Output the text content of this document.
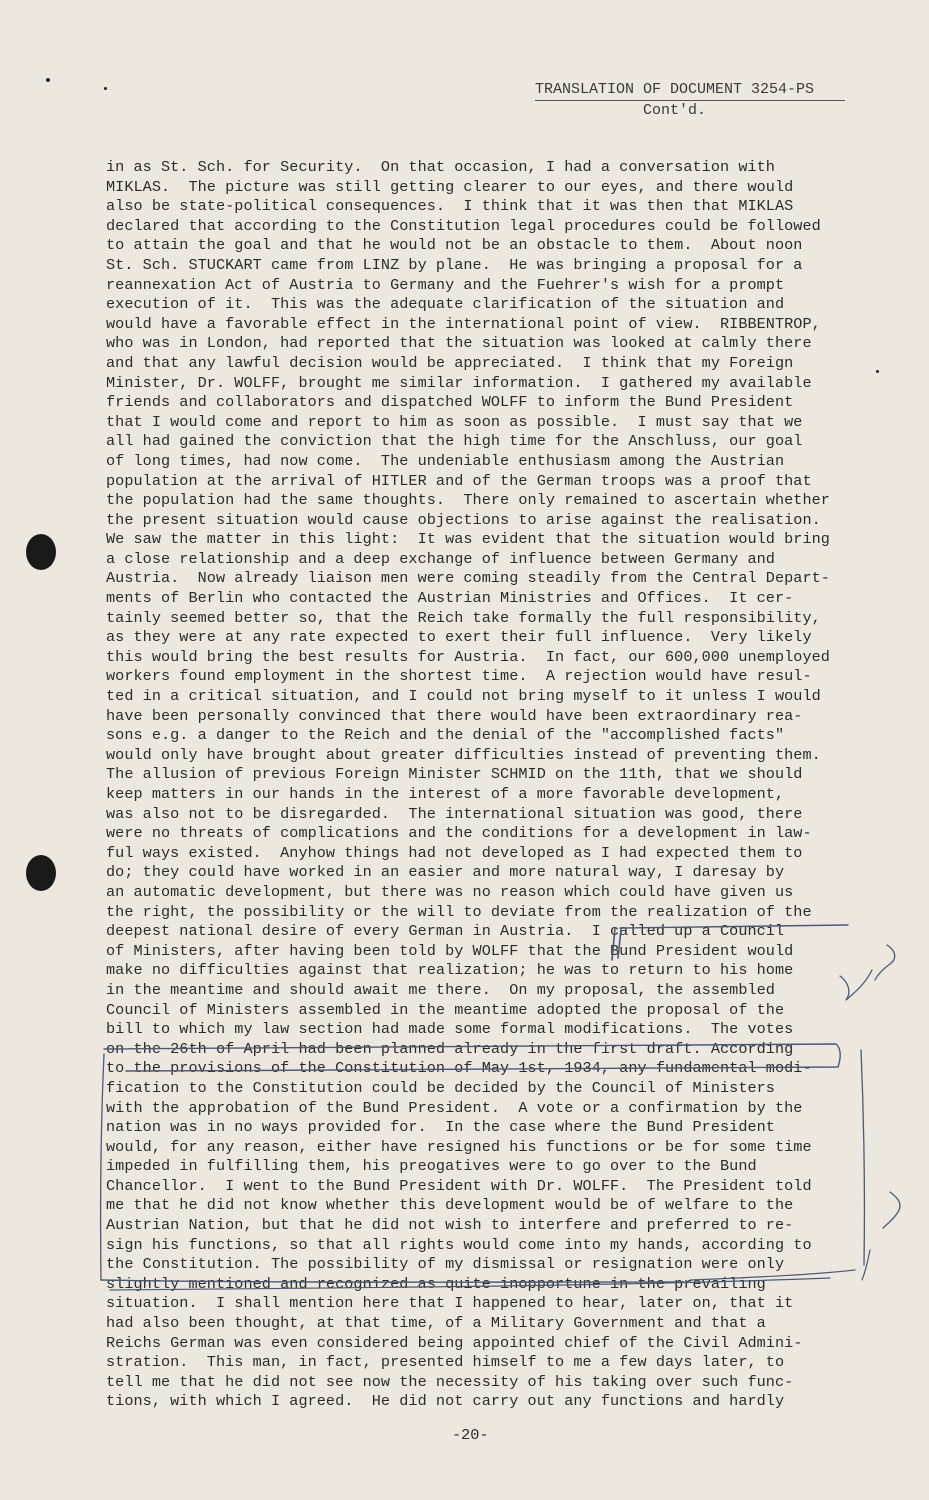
TRANSLATION OF DOCUMENT 3254-PS
Cont'd.
in as St. Sch. for Security.  On that occasion, I had a conversation with
MIKLAS.  The picture was still getting clearer to our eyes, and there would
also be state-political consequences.  I think that it was then that MIKLAS
declared that according to the Constitution legal procedures could be followed
to attain the goal and that he would not be an obstacle to them.  About noon
St. Sch. STUCKART came from LINZ by plane.  He was bringing a proposal for a
reannexation Act of Austria to Germany and the Fuehrer's wish for a prompt
execution of it.  This was the adequate clarification of the situation and
would have a favorable effect in the international point of view.  RIBBENTROP,
who was in London, had reported that the situation was looked at calmly there
and that any lawful decision would be appreciated.  I think that my Foreign
Minister, Dr. WOLFF, brought me similar information.  I gathered my available
friends and collaborators and dispatched WOLFF to inform the Bund President
that I would come and report to him as soon as possible.  I must say that we
all had gained the conviction that the high time for the Anschluss, our goal
of long times, had now come.  The undeniable enthusiasm among the Austrian
population at the arrival of HITLER and of the German troops was a proof that
the population had the same thoughts.  There only remained to ascertain whether
the present situation would cause objections to arise against the realisation.
We saw the matter in this light:  It was evident that the situation would bring
a close relationship and a deep exchange of influence between Germany and
Austria.  Now already liaison men were coming steadily from the Central Depart-
ments of Berlin who contacted the Austrian Ministries and Offices.  It cer-
tainly seemed better so, that the Reich take formally the full responsibility,
as they were at any rate expected to exert their full influence.  Very likely
this would bring the best results for Austria.  In fact, our 600,000 unemployed
workers found employment in the shortest time.  A rejection would have resul-
ted in a critical situation, and I could not bring myself to it unless I would
have been personally convinced that there would have been extraordinary rea-
sons e.g. a danger to the Reich and the denial of the "accomplished facts"
would only have brought about greater difficulties instead of preventing them.
The allusion of previous Foreign Minister SCHMID on the 11th, that we should
keep matters in our hands in the interest of a more favorable development,
was also not to be disregarded.  The international situation was good, there
were no threats of complications and the conditions for a development in law-
ful ways existed.  Anyhow things had not developed as I had expected them to
do; they could have worked in an easier and more natural way, I daresay by
an automatic development, but there was no reason which could have given us
the right, the possibility or the will to deviate from the realization of the
deepest national desire of every German in Austria.  I called up a Council
of Ministers, after having been told by WOLFF that the Bund President would
make no difficulties against that realization; he was to return to his home
in the meantime and should await me there.  On my proposal, the assembled
Council of Ministers assembled in the meantime adopted the proposal of the
bill to which my law section had made some formal modifications.  The votes
on the 26th of April had been planned already in the first draft. According
to the provisions of the Constitution of May 1st, 1934, any fundamental modi-
fication to the Constitution could be decided by the Council of Ministers
with the approbation of the Bund President.  A vote or a confirmation by the
nation was in no ways provided for.  In the case where the Bund President
would, for any reason, either have resigned his functions or be for some time
impeded in fulfilling them, his preogatives were to go over to the Bund
Chancellor.  I went to the Bund President with Dr. WOLFF.  The President told
me that he did not know whether this development would be of welfare to the
Austrian Nation, but that he did not wish to interfere and preferred to re-
sign his functions, so that all rights would come into my hands, according to
the Constitution. The possibility of my dismissal or resignation were only
slightly mentioned and recognized as quite inopportune in the prevailing
situation.  I shall mention here that I happened to hear, later on, that it
had also been thought, at that time, of a Military Government and that a
Reichs German was even considered being appointed chief of the Civil Admini-
stration.  This man, in fact, presented himself to me a few days later, to
tell me that he did not see now the necessity of his taking over such func-
tions, with which I agreed.  He did not carry out any functions and hardly
-20-
